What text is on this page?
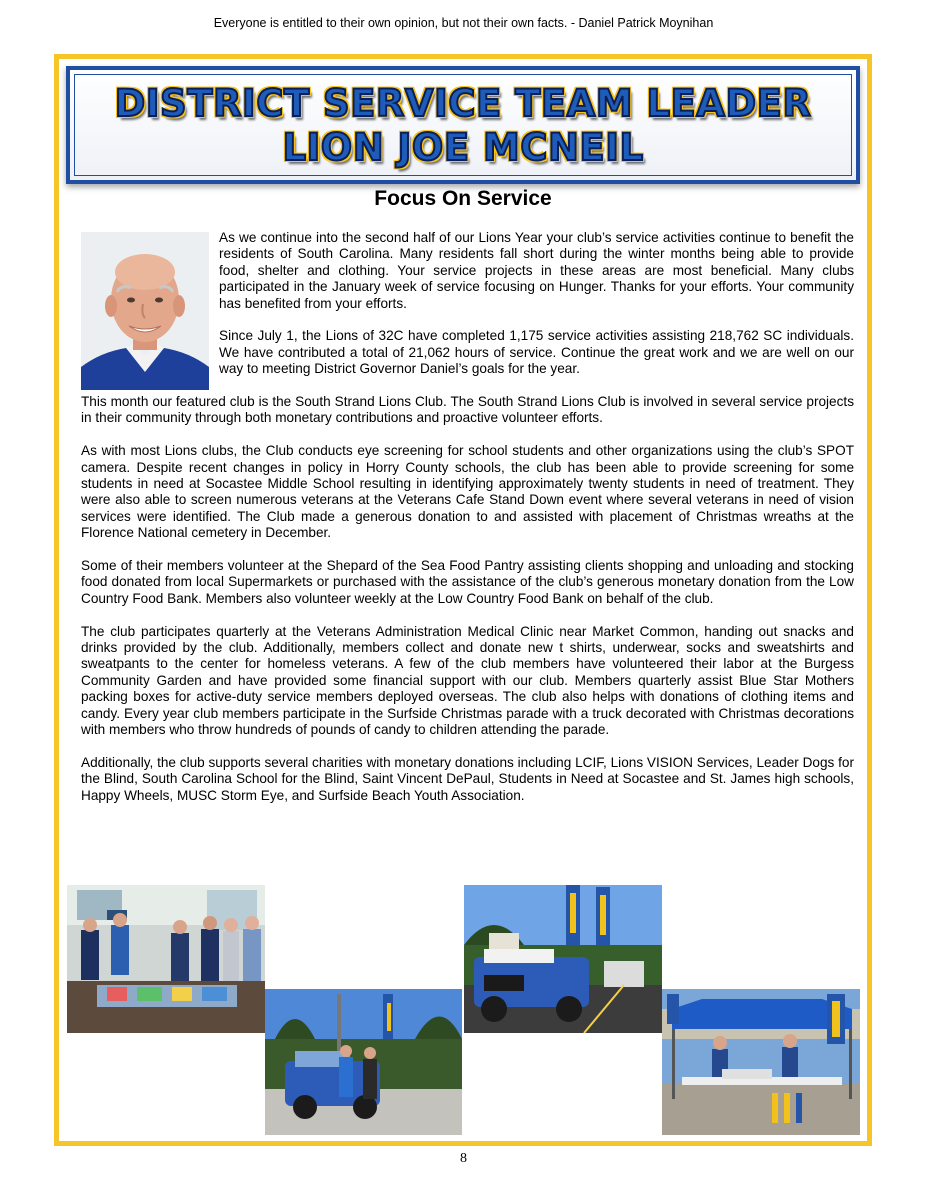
Everyone is entitled to their own opinion, but not their own facts. - Daniel Patrick Moynihan
DISTRICT SERVICE TEAM LEADER
LION JOE MCNEIL
Focus On Service

As we continue into the second half of our Lions Year your club’s service activities continue to benefit the residents of South Carolina. Many residents fall short during the winter months being able to provide food, shelter and clothing. Your service projects in these areas are most beneficial. Many clubs participated in the January week of service focusing on Hunger. Thanks for your efforts. Your community has benefited from your efforts.

Since July 1, the Lions of 32C have completed 1,175 service activities assisting 218,762 SC individuals. We have contributed a total of 21,062 hours of service. Continue the great work and we are well on our way to meeting District Governor Daniel’s goals for the year.

This month our featured club is the South Strand Lions Club. The South Strand Lions Club is involved in several service projects in their community through both monetary contributions and proactive volunteer efforts.

As with most Lions clubs, the Club conducts eye screening for school students and other organizations using the club’s SPOT camera. Despite recent changes in policy in Horry County schools, the club has been able to provide screening for some students in need at Socastee Middle School resulting in identifying approximately twenty students in need of treatment. They were also able to screen numerous veterans at the Veterans Cafe Stand Down event where several veterans in need of vision services were identified. The Club made a generous donation to and assisted with placement of Christmas wreaths at the Florence National cemetery in December.

Some of their members volunteer at the Shepard of the Sea Food Pantry assisting clients shopping and unloading and stocking food donated from local Supermarkets or purchased with the assistance of the club’s generous monetary donation from the Low Country Food Bank. Members also volunteer weekly at the Low Country Food Bank on behalf of the club.

The club participates quarterly at the Veterans Administration Medical Clinic near Market Common, handing out snacks and drinks provided by the club. Additionally, members collect and donate new t shirts, underwear, socks and sweatshirts and sweatpants to the center for homeless veterans. A few of the club members have volunteered their labor at the Burgess Community Garden and have provided some financial support with our club. Members quarterly assist Blue Star Mothers packing boxes for active-duty service members deployed overseas. The club also helps with donations of clothing items and candy. Every year club members participate in the Surfside Christmas parade with a truck decorated with Christmas decorations with members who throw hundreds of pounds of candy to children attending the parade.

Additionally, the club supports several charities with monetary donations including LCIF, Lions VISION Services, Leader Dogs for the Blind, South Carolina School for the Blind, Saint Vincent DePaul, Students in Need at Socastee and St. James high schools, Happy Wheels, MUSC Storm Eye, and Surfside Beach Youth Association.

8
